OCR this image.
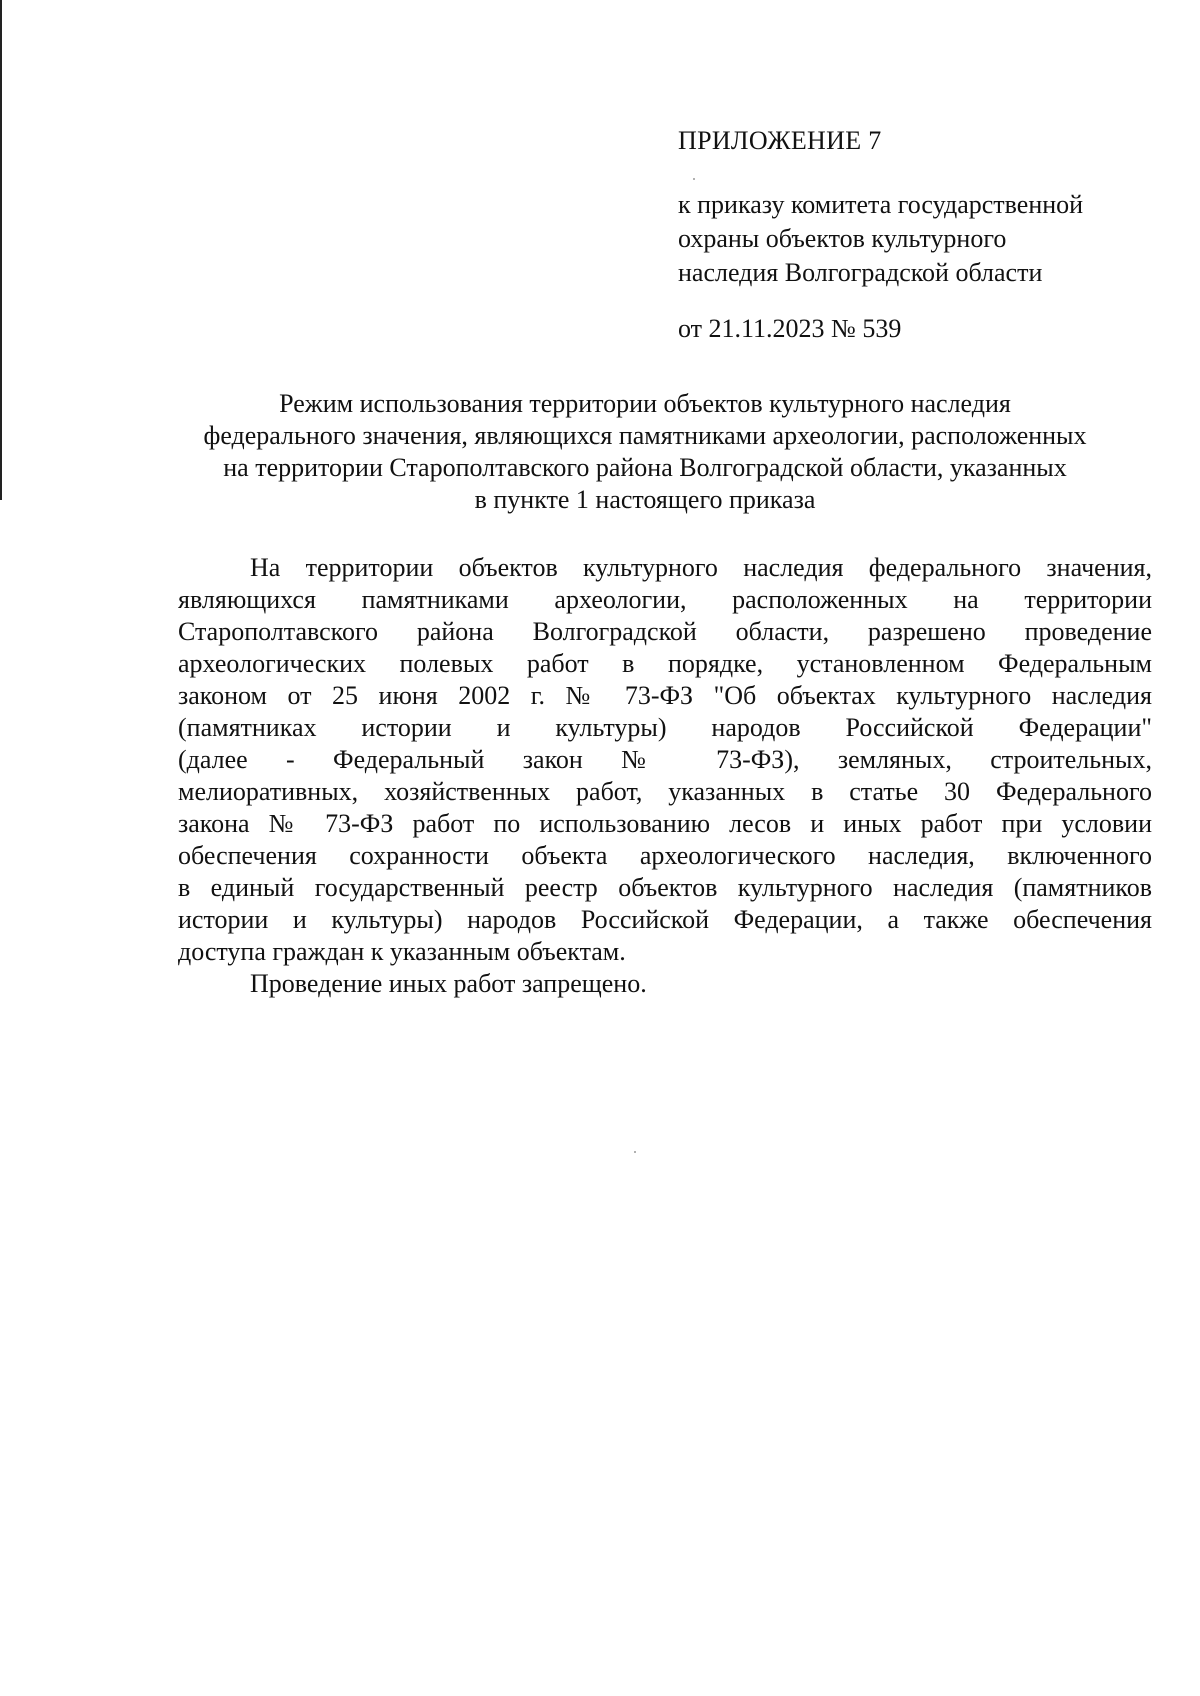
ПРИЛОЖЕНИЕ 7
к приказу комитета государственной
охраны объектов культурного
наследия Волгоградской области
от 21.11.2023 № 539
Режим использования территории объектов культурного наследия
федерального значения, являющихся памятниками археологии, расположенных
на территории Старополтавского района Волгоградской области, указанных
в пункте 1 настоящего приказа

На территории объектов культурного наследия федерального значения,
являющихся памятниками археологии, расположенных на территории
Старополтавского района Волгоградской области, разрешено проведение
археологических полевых работ в порядке, установленном Федеральным
законом от 25 июня 2002 г. № 73-ФЗ "Об объектах культурного наследия
(памятниках истории и культуры) народов Российской Федерации"
(далее - Федеральный закон № 73-ФЗ), земляных, строительных,
мелиоративных, хозяйственных работ, указанных в статье 30 Федерального
закона № 73-ФЗ работ по использованию лесов и иных работ при условии
обеспечения сохранности объекта археологического наследия, включенного
в единый государственный реестр объектов культурного наследия (памятников
истории и культуры) народов Российской Федерации, а также обеспечения
доступа граждан к указанным объектам.

Проведение иных работ запрещено.
